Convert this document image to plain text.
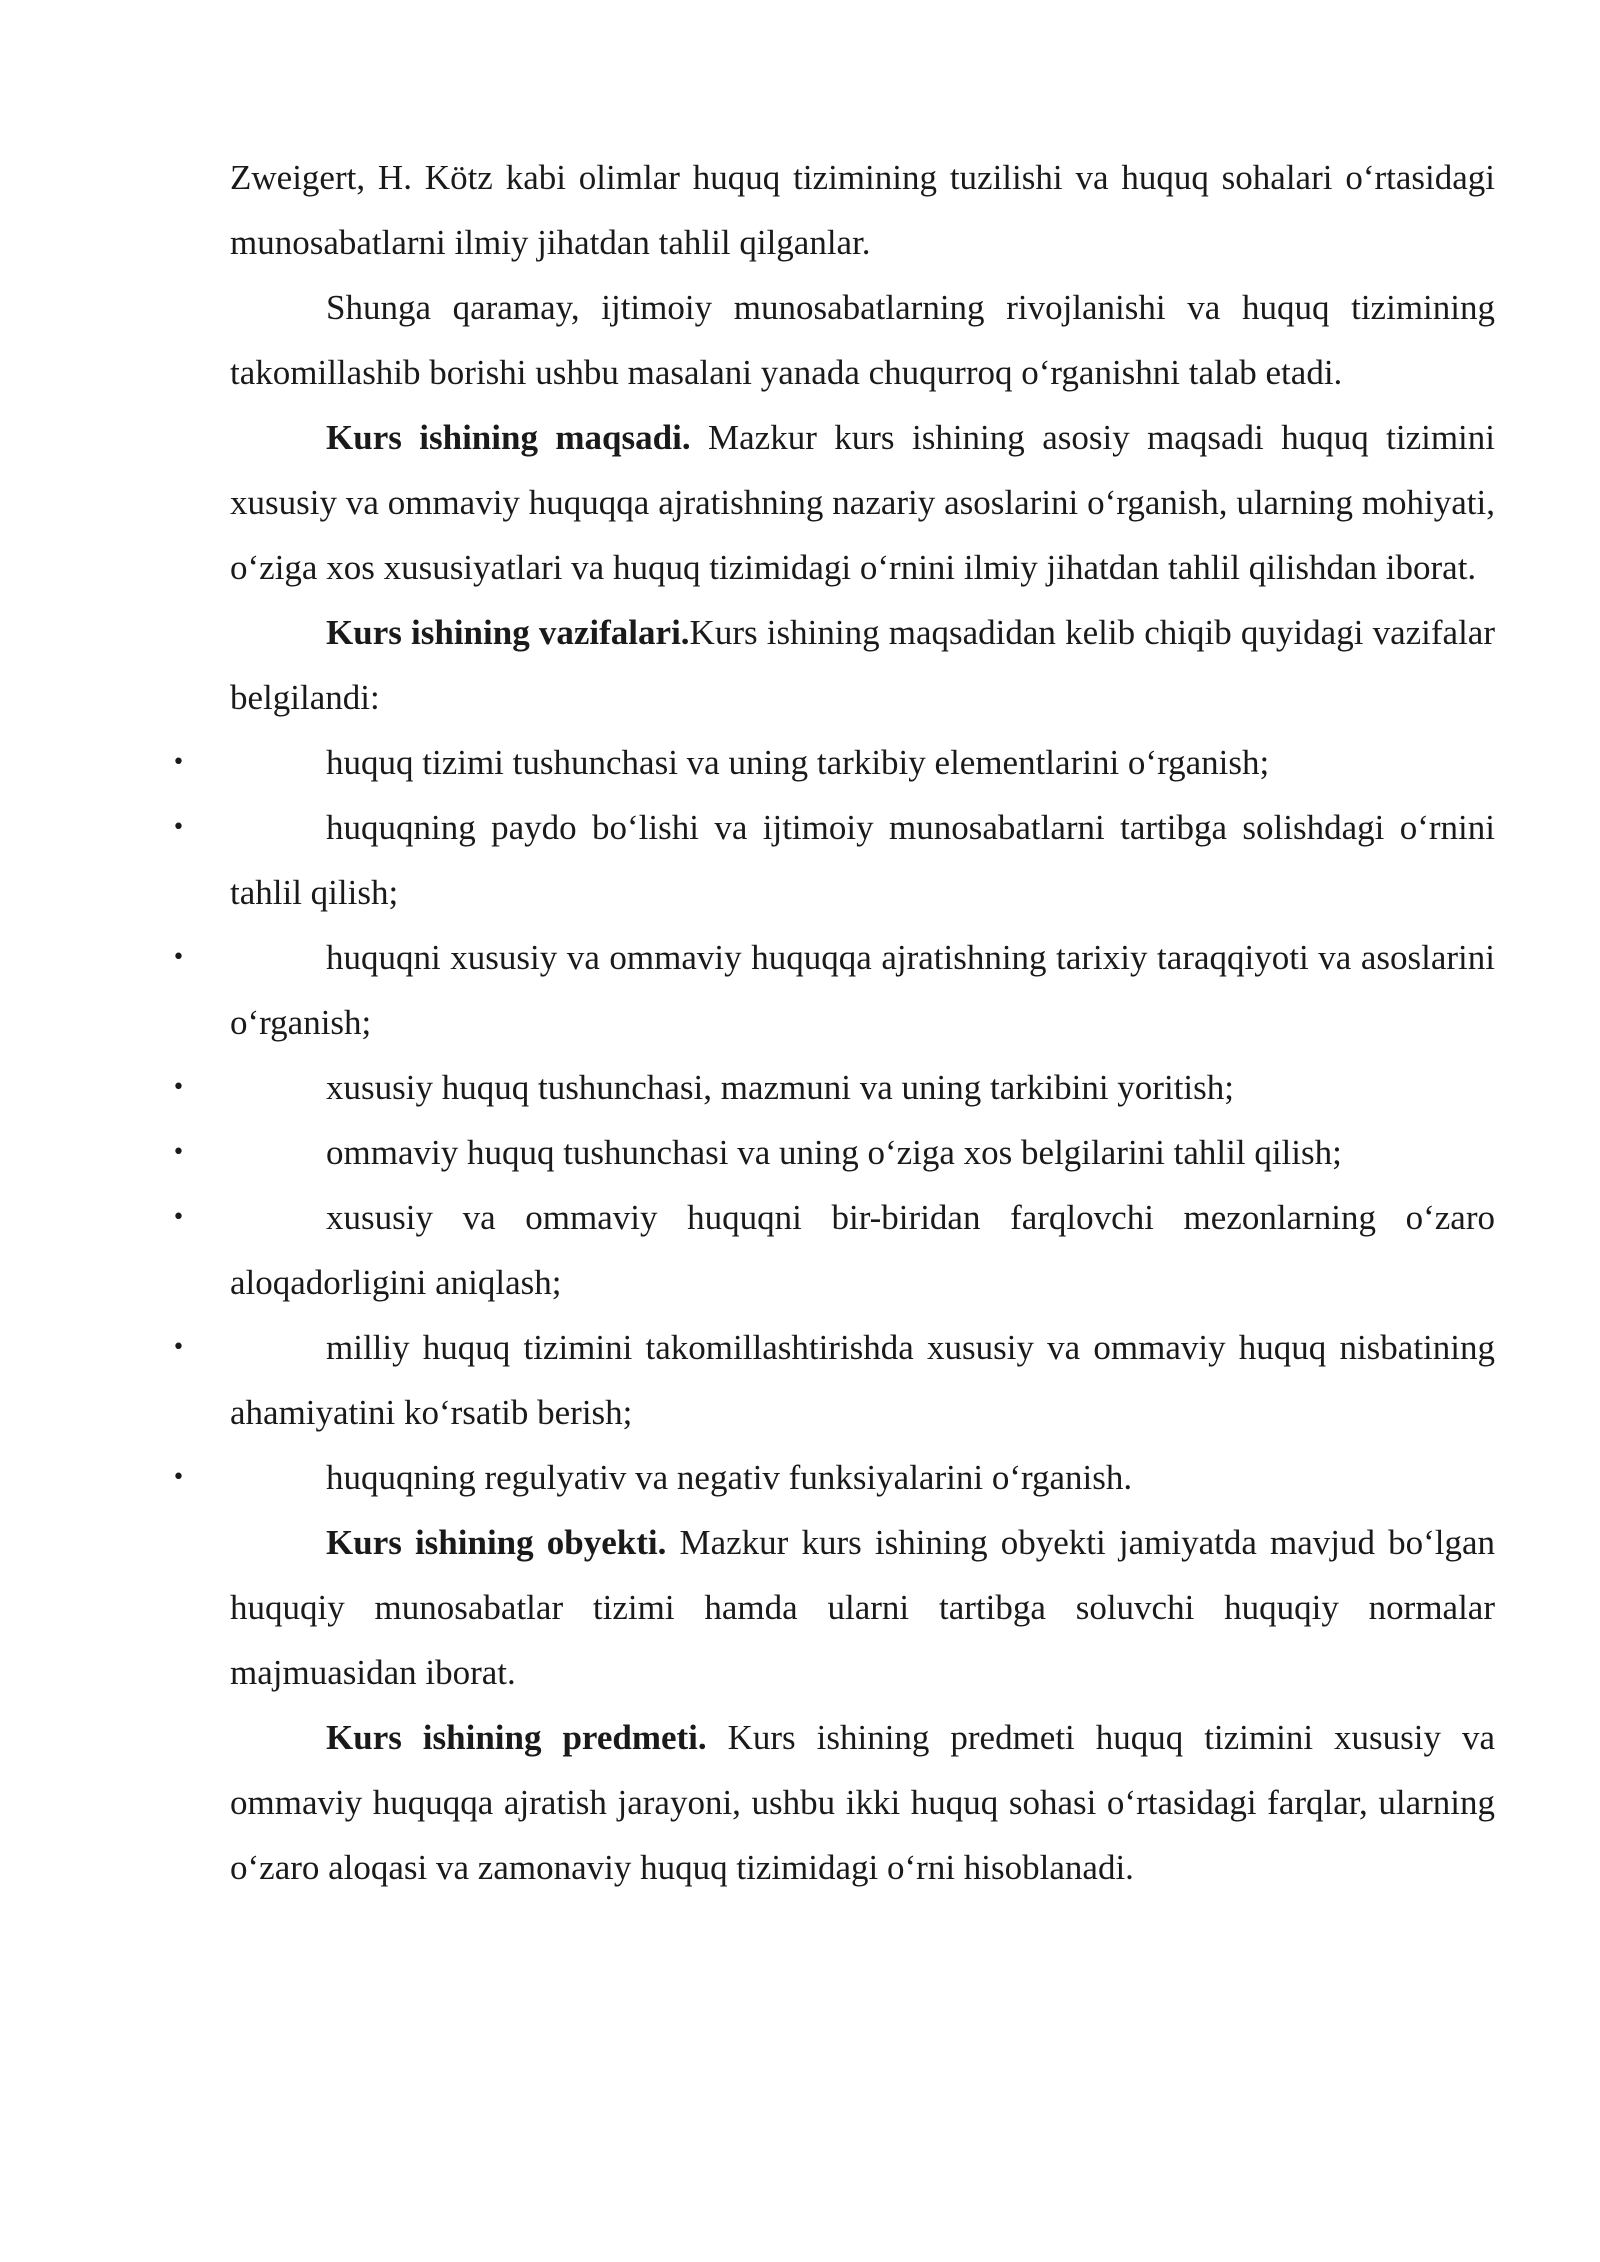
Zweigert, H. Kötz kabi olimlar huquq tizimining tuzilishi va huquq sohalari o‘rtasidagi munosabatlarni ilmiy jihatdan tahlil qilganlar.

Shunga qaramay, ijtimoiy munosabatlarning rivojlanishi va huquq tizimining takomillashib borishi ushbu masalani yanada chuqurroq o‘rganishni talab etadi.

Kurs ishining maqsadi. Mazkur kurs ishining asosiy maqsadi huquq tizimini xususiy va ommaviy huquqqa ajratishning nazariy asoslarini o‘rganish, ularning mohiyati, o‘ziga xos xususiyatlari va huquq tizimidagi o‘rnini ilmiy jihatdan tahlil qilishdan iborat.

Kurs ishining vazifalari.Kurs ishining maqsadidan kelib chiqib quyidagi vazifalar belgilandi:

•	huquq tizimi tushunchasi va uning tarkibiy elementlarini o‘rganish;

•	huquqning paydo bo‘lishi va ijtimoiy munosabatlarni tartibga solishdagi o‘rnini tahlil qilish;

•	huquqni xususiy va ommaviy huquqqa ajratishning tarixiy taraqqiyoti va asoslarini o‘rganish;

•	xususiy huquq tushunchasi, mazmuni va uning tarkibini yoritish;

•	ommaviy huquq tushunchasi va uning o‘ziga xos belgilarini tahlil qilish;

•	xususiy va ommaviy huquqni bir-biridan farqlovchi mezonlarning o‘zaro aloqadorligini aniqlash;

•	milliy huquq tizimini takomillashtirishda xususiy va ommaviy huquq nisbatining ahamiyatini ko‘rsatib berish;

•	huquqning regulyativ va negativ funksiyalarini o‘rganish.

Kurs ishining obyekti. Mazkur kurs ishining obyekti jamiyatda mavjud bo‘lgan huquqiy munosabatlar tizimi hamda ularni tartibga soluvchi huquqiy normalar majmuasidan iborat.

Kurs ishining predmeti. Kurs ishining predmeti huquq tizimini xususiy va ommaviy huquqqa ajratish jarayoni, ushbu ikki huquq sohasi o‘rtasidagi farqlar, ularning o‘zaro aloqasi va zamonaviy huquq tizimidagi o‘rni hisoblanadi.
